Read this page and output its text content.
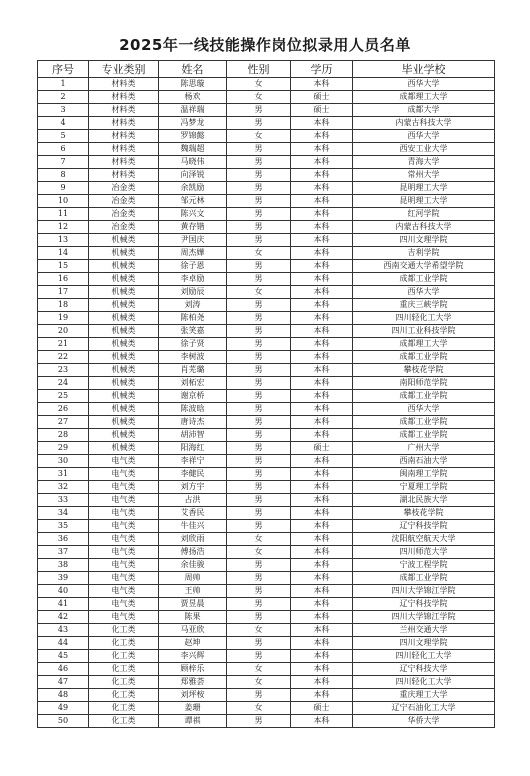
2025年一线技能操作岗位拟录用人员名单
序号	专业类别	姓名	性别	学历	毕业学校
1	材料类	陈思璇	女	本科	西华大学
2	材料类	杨欢	女	硕士	成都理工大学
3	材料类	温祥瑞	男	硕士	成都大学
4	材料类	冯梦龙	男	本科	内蒙古科技大学
5	材料类	罗锦懿	女	本科	西华大学
6	材料类	魏瑞超	男	本科	西安工业大学
7	材料类	马晓伟	男	本科	青海大学
8	材料类	向泽锐	男	本科	常州大学
9	冶金类	余凯励	男	本科	昆明理工大学
10	冶金类	邹元林	男	本科	昆明理工大学
11	冶金类	陈兴文	男	本科	红河学院
12	冶金类	黄存锴	男	本科	内蒙古科技大学
13	机械类	尹国庆	男	本科	四川文理学院
14	机械类	周杰嬅	女	本科	吉利学院
15	机械类	徐子恩	男	本科	西南交通大学希望学院
16	机械类	李卓励	男	本科	成都工业学院
17	机械类	刘励辰	女	本科	西华大学
18	机械类	刘涛	男	本科	重庆三峡学院
19	机械类	陈柏尧	男	本科	四川轻化工大学
20	机械类	张笑嘉	男	本科	四川工业科技学院
21	机械类	徐子贤	男	本科	成都理工大学
22	机械类	李树波	男	本科	成都工业学院
23	机械类	肖芜璐	男	本科	攀枝花学院
24	机械类	刘柘宏	男	本科	南阳师范学院
25	机械类	谢京桥	男	本科	成都工业学院
26	机械类	陈波晗	男	本科	西华大学
27	机械类	唐诗杰	男	本科	成都工业学院
28	机械类	胡沛智	男	本科	成都工业学院
29	机械类	阳海红	男	硕士	广州大学
30	电气类	李祥宁	男	本科	西南石油大学
31	电气类	李健民	男	本科	闽南理工学院
32	电气类	刘方宇	男	本科	宁夏理工学院
33	电气类	占洪	男	本科	湖北民族大学
34	电气类	艾香民	男	本科	攀枝花学院
35	电气类	牛佳兴	男	本科	辽宁科技学院
36	电气类	刘欣雨	女	本科	沈阳航空航天大学
37	电气类	傅扬浩	女	本科	四川师范大学
38	电气类	余佳骏	男	本科	宁波工程学院
39	电气类	周帅	男	本科	成都工业学院
40	电气类	王帅	男	本科	四川大学锦江学院
41	电气类	贾昱晨	男	本科	辽宁科技学院
42	电气类	陈果	男	本科	四川大学锦江学院
43	化工类	马亚欣	女	本科	兰州交通大学
44	化工类	赵坤	男	本科	四川文理学院
45	化工类	李兴辉	男	本科	四川轻化工大学
46	化工类	顾梓乐	女	本科	辽宁科技大学
47	化工类	郑雅荟	女	本科	四川轻化工大学
48	化工类	刘坪桉	男	本科	重庆理工大学
49	化工类	姜珊	女	硕士	辽宁石油化工大学
50	化工类	谭祺	男	本科	华侨大学
